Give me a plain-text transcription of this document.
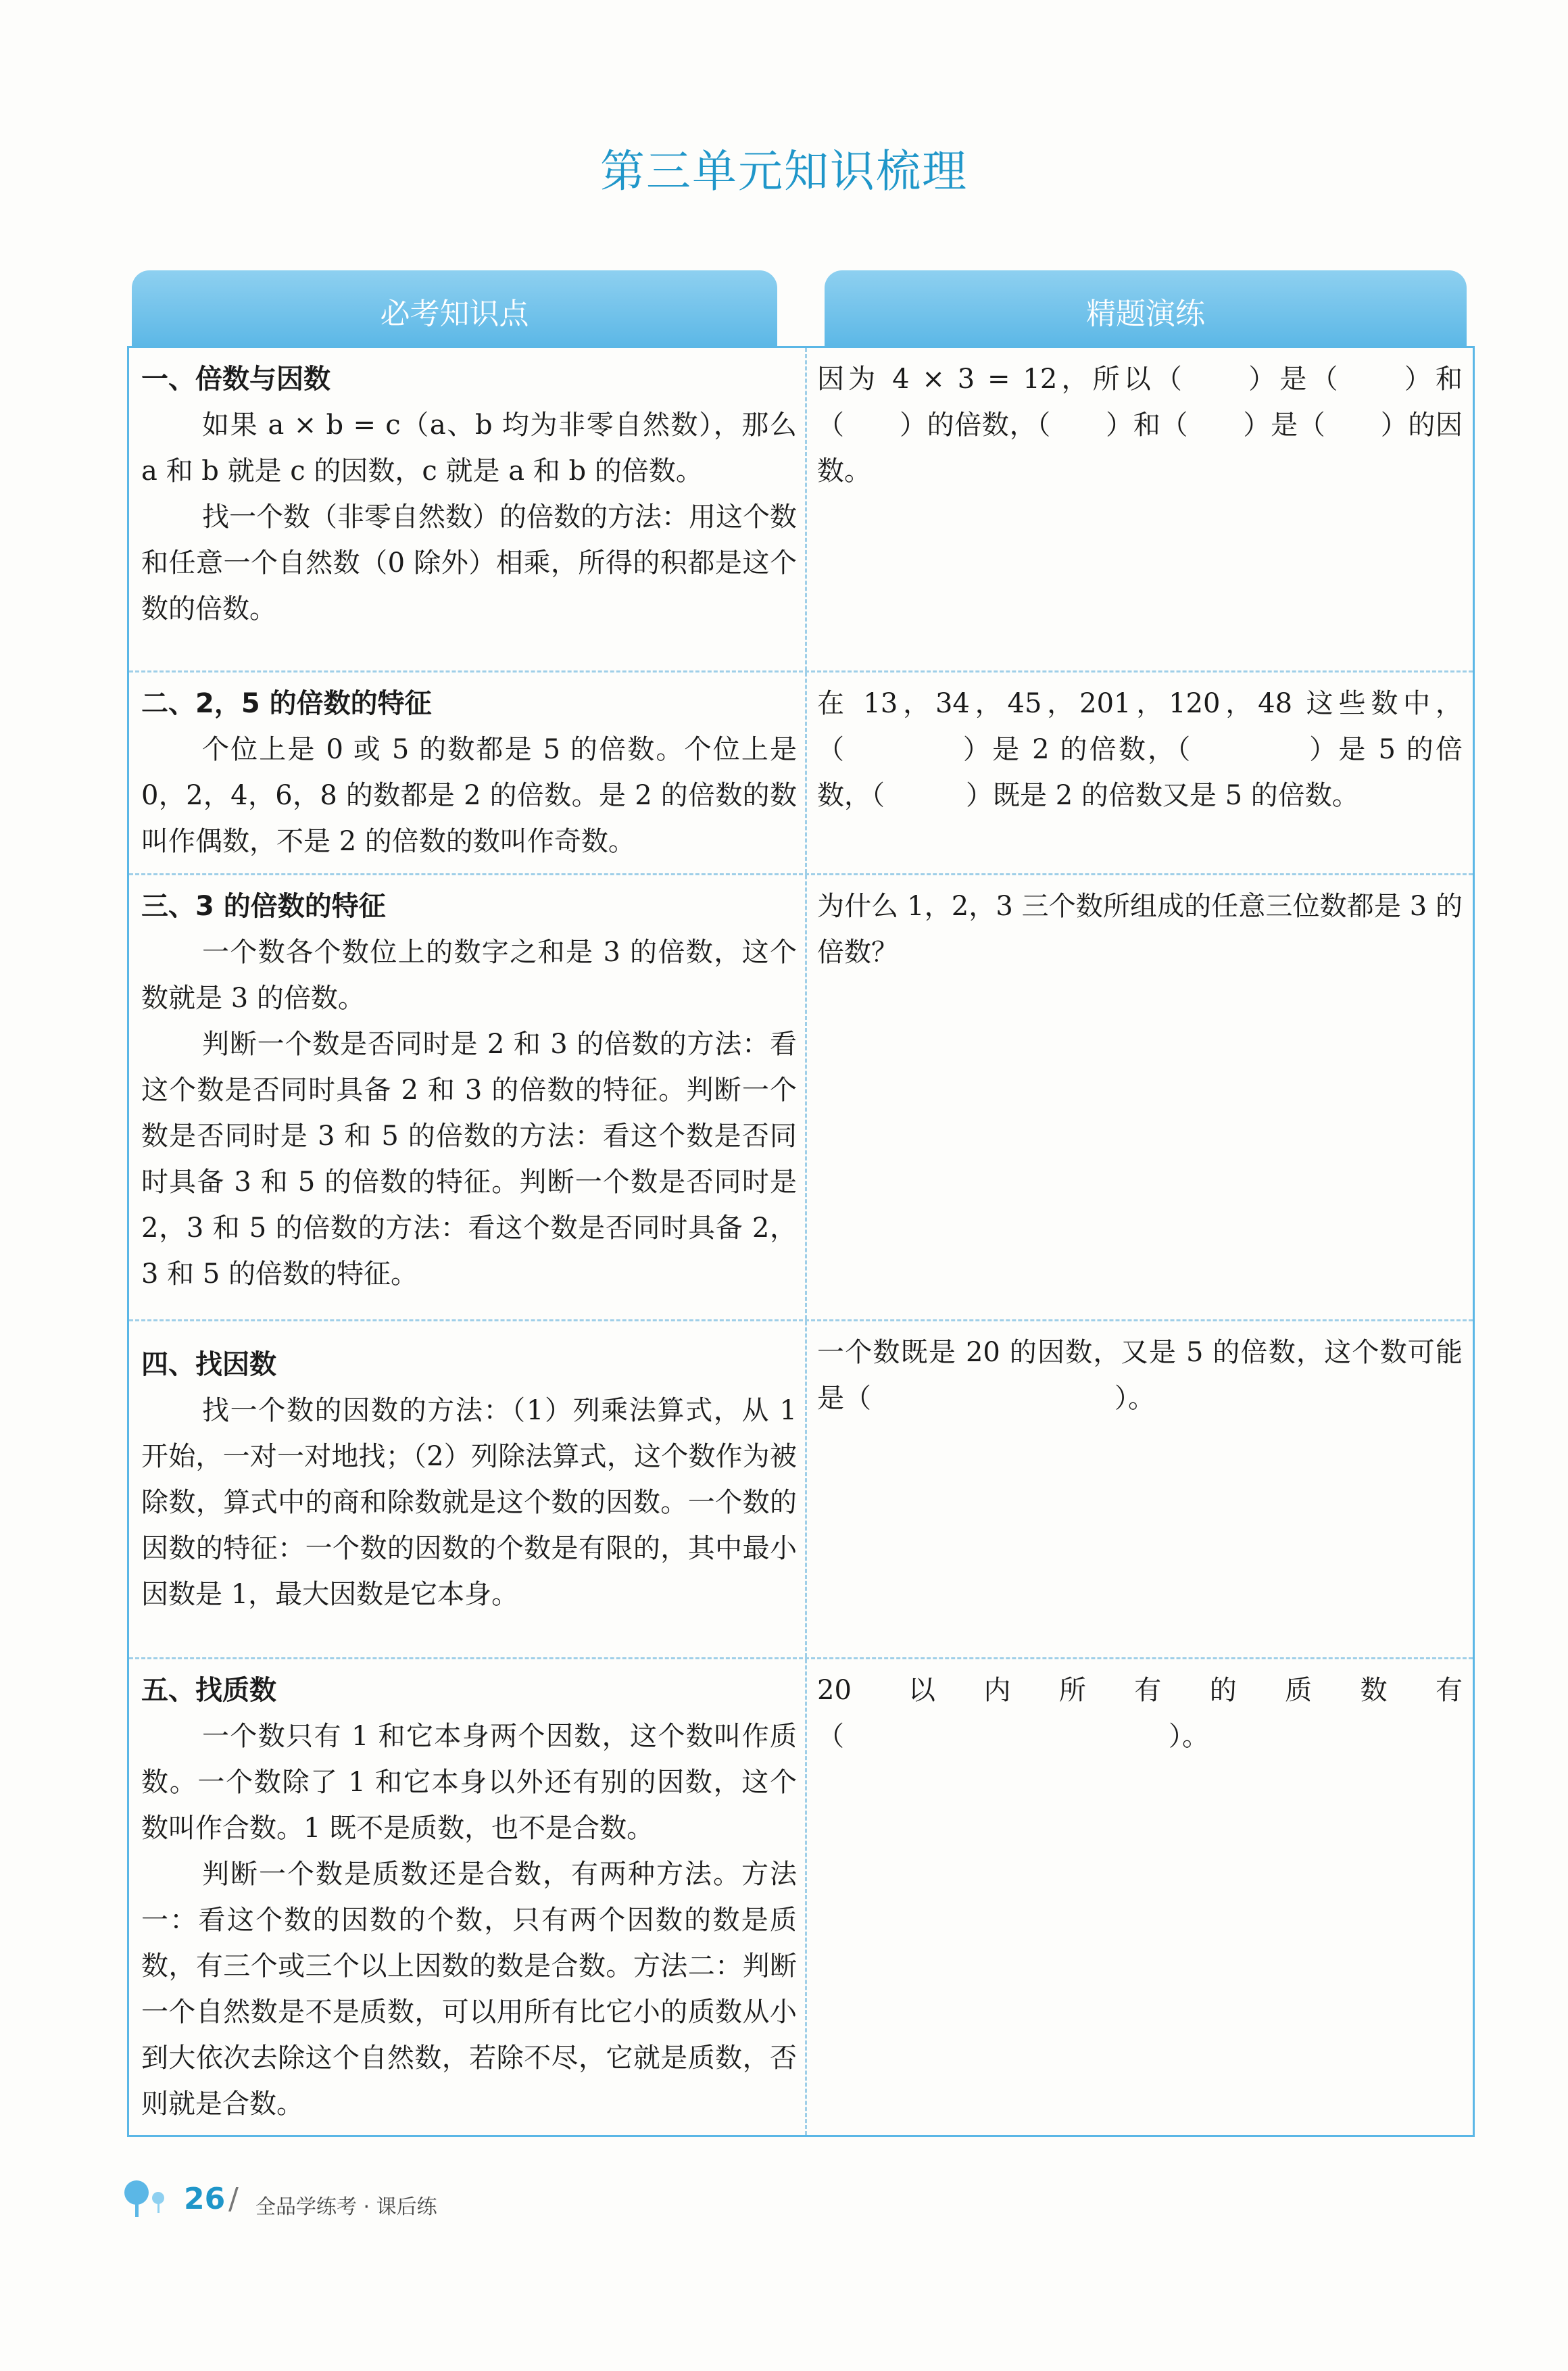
第三单元知识梳理
必考知识点	精题演练

一、倍数与因数

如果 a × b = c（a、b 均为非零自然数），那么 a 和 b 就是 c 的因数，c 就是 a 和 b 的倍数。

找一个数（非零自然数）的倍数的方法：用这个数和任意一个自然数（0 除外）相乘，所得的积都是这个数的倍数。

因为 4 × 3 = 12，所以（　　）是（　　）和（　　）的倍数，（　　）和（　　）是（　　）的因数。

二、2，5 的倍数的特征

个位上是 0 或 5 的数都是 5 的倍数。个位上是 0，2，4，6，8 的数都是 2 的倍数。是 2 的倍数的数叫作偶数，不是 2 的倍数的数叫作奇数。

在 13，34，45，201，120，48 这些数中，（　　　　）是 2 的倍数，（　　　　）是 5 的倍数，（　　　）既是 2 的倍数又是 5 的倍数。

三、3 的倍数的特征

一个数各个数位上的数字之和是 3 的倍数，这个数就是 3 的倍数。

判断一个数是否同时是 2 和 3 的倍数的方法：看这个数是否同时具备 2 和 3 的倍数的特征。判断一个数是否同时是 3 和 5 的倍数的方法：看这个数是否同时具备 3 和 5 的倍数的特征。判断一个数是否同时是 2，3 和 5 的倍数的方法：看这个数是否同时具备 2，3 和 5 的倍数的特征。

为什么 1，2，3 三个数所组成的任意三位数都是 3 的倍数？

四、找因数

找一个数的因数的方法：（1）列乘法算式，从 1 开始，一对一对地找；（2）列除法算式，这个数作为被除数，算式中的商和除数就是这个数的因数。一个数的因数的特征：一个数的因数的个数是有限的，其中最小因数是 1，最大因数是它本身。

一个数既是 20 的因数，又是 5 的倍数，这个数可能是（　　　　　　　　　）。

五、找质数

一个数只有 1 和它本身两个因数，这个数叫作质数。一个数除了 1 和它本身以外还有别的因数，这个数叫作合数。1 既不是质数，也不是合数。

判断一个数是质数还是合数，有两种方法。方法一：看这个数的因数的个数，只有两个因数的数是质数，有三个或三个以上因数的数是合数。方法二：判断一个自然数是不是质数，可以用所有比它小的质数从小到大依次去除这个自然数，若除不尽，它就是质数，否则就是合数。

20 以内所有的质数有（　　　　　　　　　　　　）。

26 / 全品学练考 · 课后练
